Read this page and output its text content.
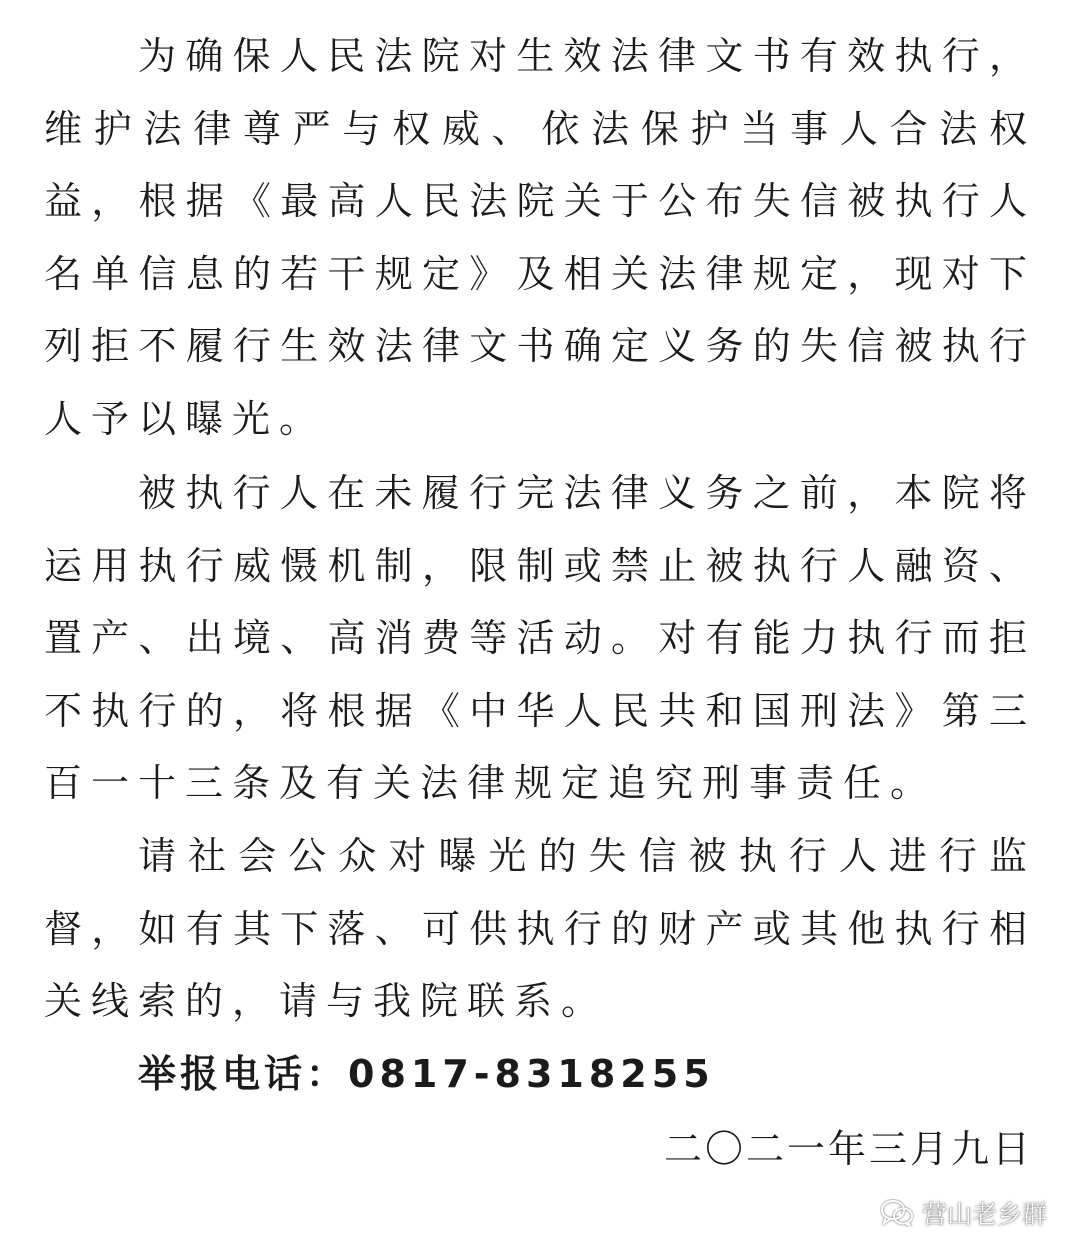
为确保人民法院对生效法律文书有效执行，维护法律尊严与权威、依法保护当事人合法权益，根据《最高人民法院关于公布失信被执行人名单信息的若干规定》及相关法律规定，现对下列拒不履行生效法律文书确定义务的失信被执行人予以曝光。

被执行人在未履行完法律义务之前，本院将运用执行威慑机制，限制或禁止被执行人融资、置产、出境、高消费等活动。对有能力执行而拒不执行的，将根据《中华人民共和国刑法》第三百一十三条及有关法律规定追究刑事责任。

请社会公众对曝光的失信被执行人进行监督，如有其下落、可供执行的财产或其他执行相关线索的，请与我院联系。

举报电话：0817-8318255
二〇二一年三月九日
营山老乡群
